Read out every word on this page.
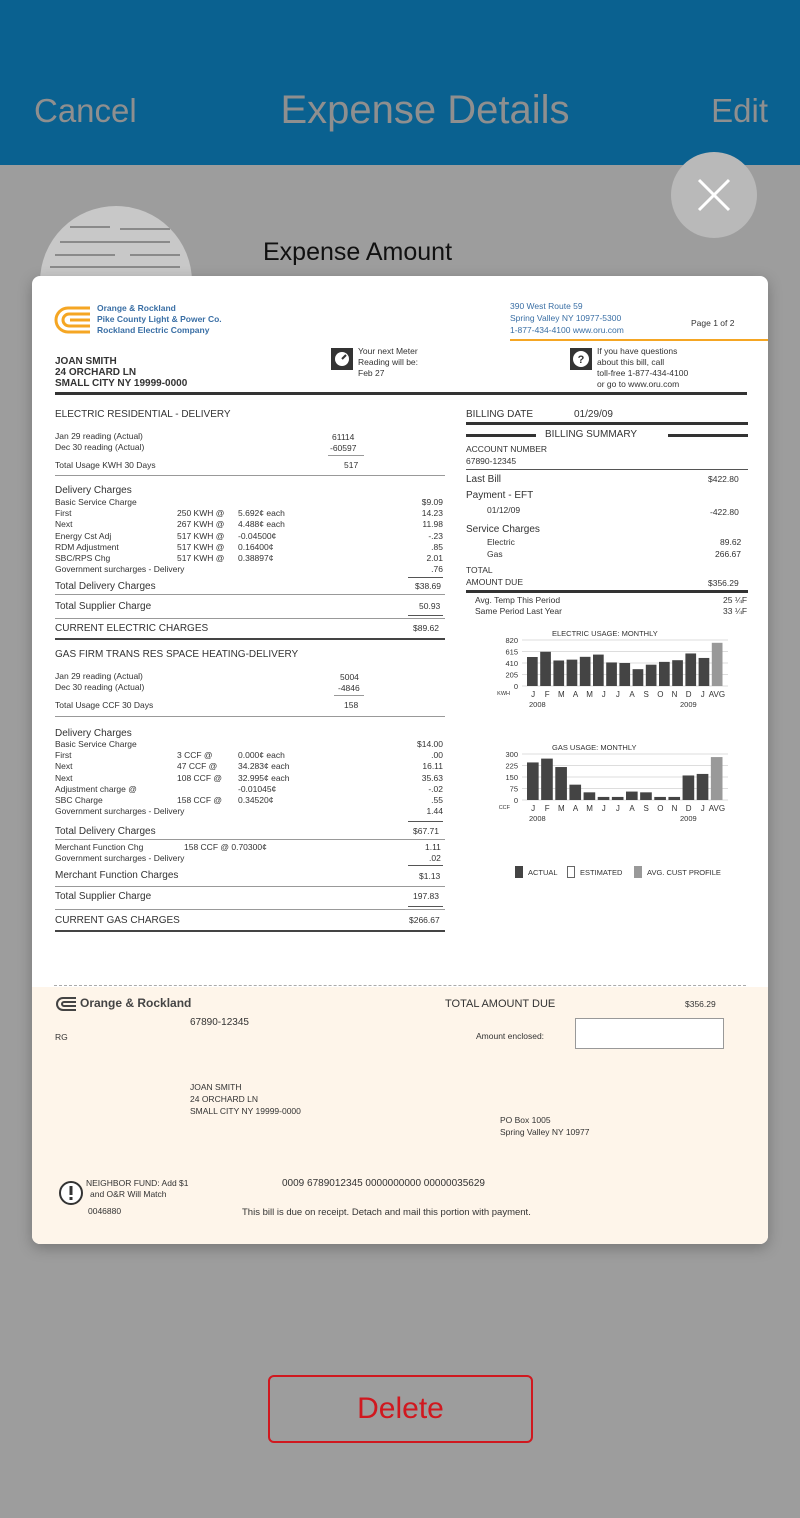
Cancel	Expense Details	Edit
Expense Amount
Orange & Rockland
Pike County Light & Power Co.
Rockland Electric Company
390 West Route 59
Spring Valley NY 10977-5300
1-877-434-4100 www.oru.com
Page 1 of 2
JOAN SMITH
24 ORCHARD LN
SMALL CITY NY 19999-0000
Your next Meter
Reading will be:
Feb 27
?
If you have questions
about this bill, call
toll-free 1-877-434-4100
or go to www.oru.com
ELECTRIC RESIDENTIAL - DELIVERY
Jan 29 reading (Actual)	61114
Dec 30 reading (Actual)	-60597
Total Usage KWH 30 Days	517
Delivery Charges
Total Delivery Charges	$38.69
Total Supplier Charge	50.93
CURRENT ELECTRIC CHARGES	$89.62
GAS FIRM TRANS RES SPACE HEATING-DELIVERY
Jan 29 reading (Actual)	5004
Dec 30 reading (Actual)	-4846
Total Usage CCF 30 Days	158
Delivery Charges
Total Delivery Charges	$67.71
Merchant Function Chg	158 CCF @ 0.70300¢	1.11
Government surcharges - Delivery	.02
Merchant Function Charges	$1.13
Total Supplier Charge	197.83
CURRENT GAS CHARGES	$266.67
BILLING DATE	01/29/09
BILLING SUMMARY
ACCOUNT NUMBER
67890-12345
Last Bill	$422.80
Payment - EFT
01/12/09	-422.80
Service Charges
Electric	89.62
Gas	266.67
TOTAL
AMOUNT DUE	$356.29
Avg. Temp This Period	25 ¼F
Same Period Last Year	33 ¼F
ELECTRIC USAGE: MONTHLY
820
615
410
205
0
KWH	J F M A M J J A S O N D J AVG
2008	2009
GAS USAGE: MONTHLY
300
225
150
75
0
CCF	J F M A M J J A S O N D J AVG
2008	2009
ACTUAL	ESTIMATED	AVG. CUST PROFILE
Orange & Rockland
67890-12345
RG
TOTAL AMOUNT DUE	$356.29
Amount enclosed:
JOAN SMITH
24 ORCHARD LN
SMALL CITY NY 19999-0000
PO Box 1005
Spring Valley NY 10977
NEIGHBOR FUND: Add $1
and O&R Will Match
0046880
0009 6789012345 0000000000 00000035629
This bill is due on receipt. Detach and mail this portion with payment.
Basic Service Charge	$9.09
First	250 KWH @ 5.692¢ each	14.23
Next	267 KWH @ 4.488¢ each	11.98
Energy Cst Adj	517 KWH @ -0.04500¢	-.23
RDM Adjustment	517 KWH @ 0.16400¢	.85
SBC/RPS Chg	517 KWH @ 0.38897¢	2.01
Government surcharges - Delivery	.76
Basic Service Charge	$14.00
First	3 CCF @	0.000¢ each	.00
Next	47 CCF @ 34.283¢ each	16.11
Next	108 CCF @ 32.995¢ each	35.63
Adjustment charge @	-0.01045¢	-.02
SBC Charge	158 CCF @ 0.34520¢	.55
Government surcharges - Delivery	1.44
Delete
